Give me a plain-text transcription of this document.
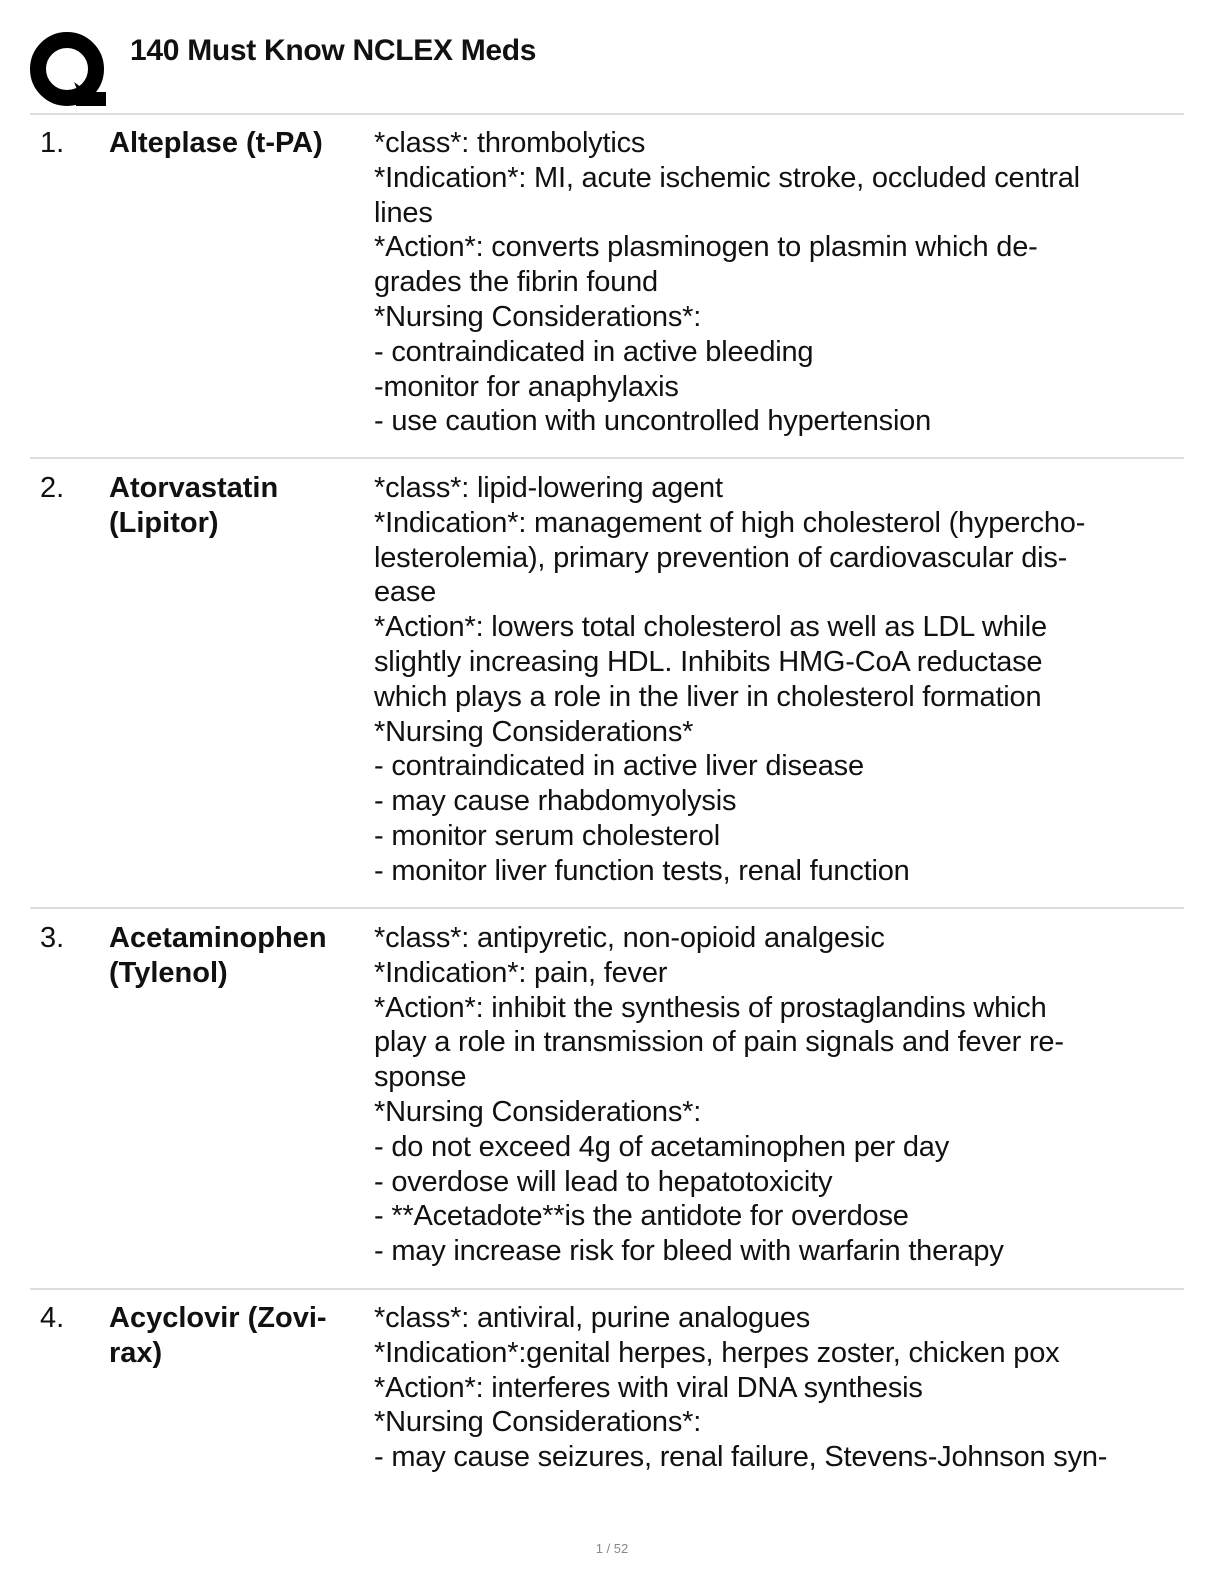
140 Must Know NCLEX Meds
1. Alteplase (t-PA)	*class*: thrombolytics
*Indication*: MI, acute ischemic stroke, occluded central
lines
*Action*: converts plasminogen to plasmin which de-
grades the fibrin found
*Nursing Considerations*:
- contraindicated in active bleeding
-monitor for anaphylaxis
- use caution with uncontrolled hypertension
2. Atorvastatin
(Lipitor)
*class*: lipid-lowering agent
*Indication*: management of high cholesterol (hypercho-
lesterolemia), primary prevention of cardiovascular dis-
ease
*Action*: lowers total cholesterol as well as LDL while
slightly increasing HDL. Inhibits HMG-CoA reductase
which plays a role in the liver in cholesterol formation
*Nursing Considerations*
- contraindicated in active liver disease
- may cause rhabdomyolysis
- monitor serum cholesterol
- monitor liver function tests, renal function
3. Acetaminophen
(Tylenol)
*class*: antipyretic, non-opioid analgesic
*Indication*: pain, fever
*Action*: inhibit the synthesis of prostaglandins which
play a role in transmission of pain signals and fever re-
sponse
*Nursing Considerations*:
- do not exceed 4g of acetaminophen per day
- overdose will lead to hepatotoxicity
- **Acetadote**is the antidote for overdose
- may increase risk for bleed with warfarin therapy
4. Acyclovir (Zovi-
rax)
*class*: antiviral, purine analogues
*Indication*:genital herpes, herpes zoster, chicken pox
*Action*: interferes with viral DNA synthesis
*Nursing Considerations*:
- may cause seizures, renal failure, Stevens-Johnson syn-
1 / 52
